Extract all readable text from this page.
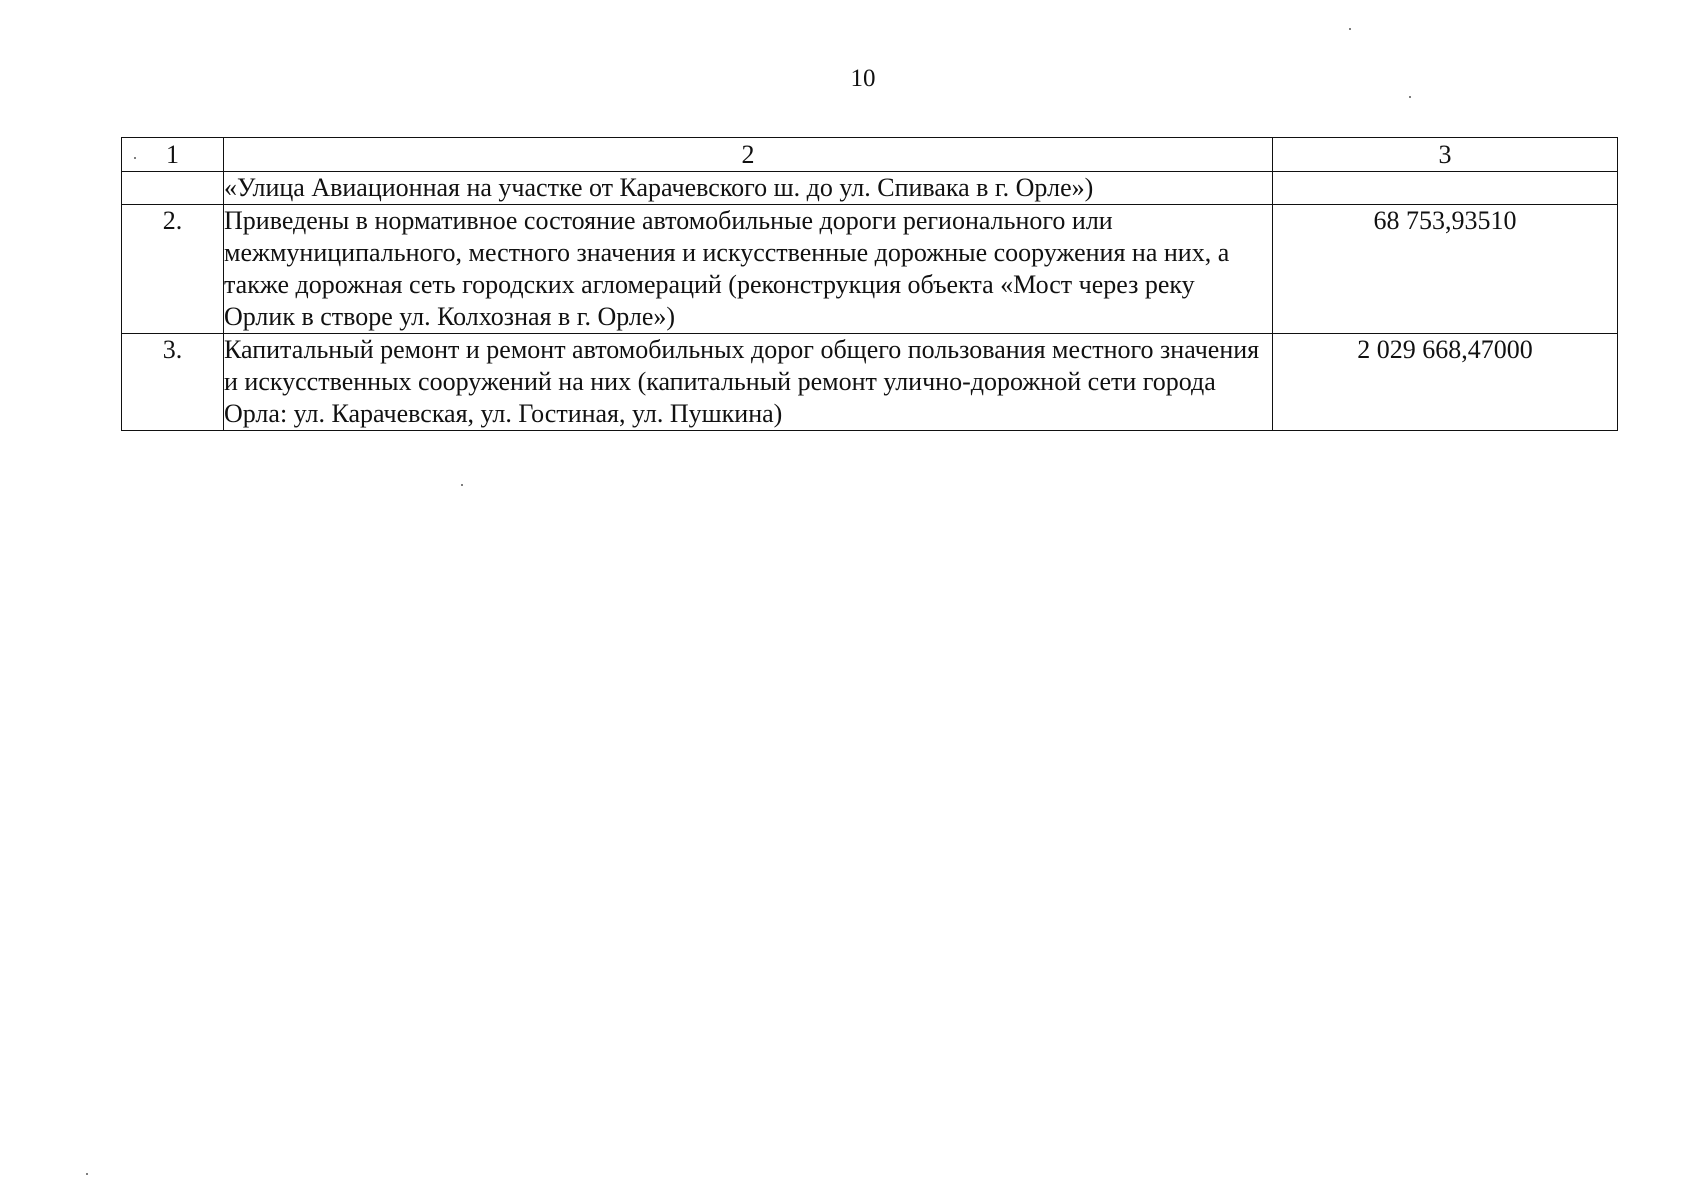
10
1	2	3
	«Улица Авиационная на участке от Карачевского ш. до ул. Спивака в г. Орле»)	
2.	Приведены в нормативное состояние автомобильные дороги регионального или межмуниципального, местного значения и искусственные дорожные сооружения на них, а также дорожная сеть городских агломераций (реконструкция объекта «Мост через реку Орлик в створе ул. Колхозная в г. Орле»)	68 753,93510
3.	Капитальный ремонт и ремонт автомобильных дорог общего пользования местного значения и искусственных сооружений на них (капитальный ремонт улично-дорожной сети города Орла: ул. Карачевская, ул. Гостиная, ул. Пушкина)	2 029 668,47000
